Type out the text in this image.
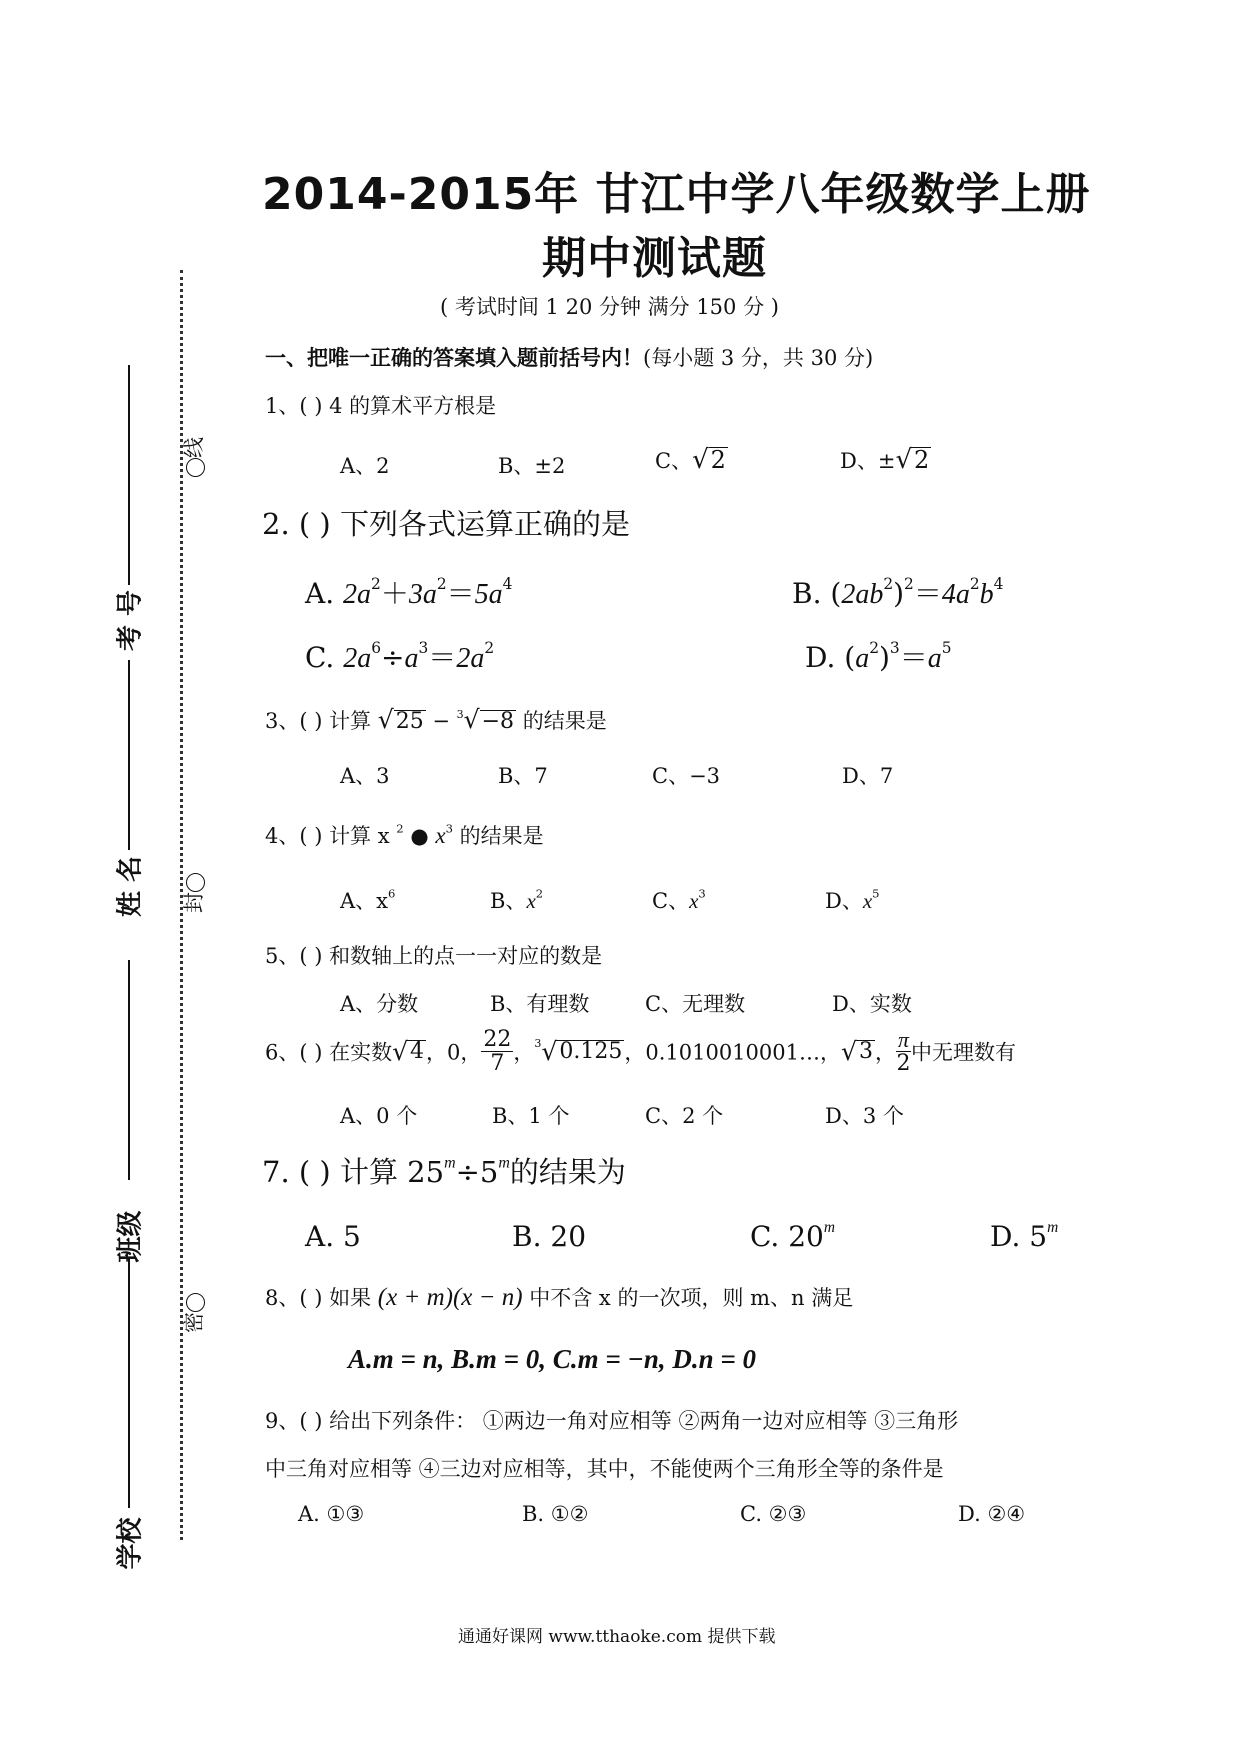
考 号
姓 名
班级
学校
线
封
密
2014-2015年 甘江中学八年级数学上册
期中测试题
( 考试时间 1 20 分钟 满分 150 分 )
一、把唯一正确的答案填入题前括号内！(每小题 3 分，共 30 分)
1、( ) 4 的算术平方根是
A、2	B、±2	C、√2	D、±√2
2. ( ) 下列各式运算正确的是
A. $2a^2+3a^2=5a^4$	B. $(2ab^2)^2=4a^2b^4$
C. $2a^6\div a^3=2a^2$	D. $(a^2)^3=a^5$
3、( ) 计算 √25 − $^3$√−8 的结果是
A、3	B、7	C、−3	D、7
4、( ) 计算 x $^2$ ● $x^3$ 的结果是
A、$x^6$	B、$x^2$	C、$x^3$	D、$x^5$
5、( ) 和数轴上的点一一对应的数是
A、分数	B、有理数	C、无理数	D、实数
6、( ) 在实数√4，0， $\frac{22}{7}$ ，$^3$√0.125，0.1010010001…，√3， $\frac{\pi}{2}$ 中无理数有
A、0 个	B、1 个	C、2 个	D、3 个
7. ( ) 计算 $25^m\div 5^m$的结果为
A. 5	B. 20	C. 20$^m$	D. 5$^m$
8、( ) 如果 (x + m)(x − n) 中不含 x 的一次项，则 m、n 满足
A.m = n, B.m = 0, C.m = −n, D.n = 0
9、( ) 给出下列条件： ①两边一角对应相等 ②两角一边对应相等 ③三角形
中三角对应相等 ④三边对应相等，其中，不能使两个三角形全等的条件是
A. ①③	B. ①②	C. ②③	D. ②④
通通好课网 www.tthaoke.com 提供下载
